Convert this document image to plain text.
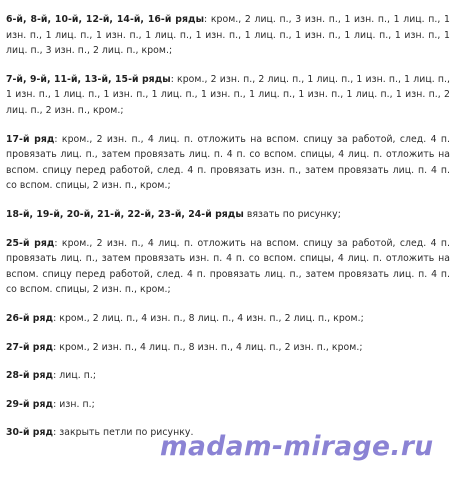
6-й, 8-й, 10-й, 12-й, 14-й, 16-й ряды: кром., 2 лиц. п., 3 изн. п., 1 изн. п., 1 лиц. п., 1 изн. п., 1 лиц. п., 1 изн. п., 1 лиц. п., 1 изн. п., 1 лиц. п., 1 изн. п., 1 лиц. п., 1 изн. п., 1 лиц. п., 3 изн. п., 2 лиц. п., кром.;

7-й, 9-й, 11-й, 13-й, 15-й ряды: кром., 2 изн. п., 2 лиц. п., 1 лиц. п., 1 изн. п., 1 лиц. п., 1 изн. п., 1 лиц. п., 1 изн. п., 1 лиц. п., 1 изн. п., 1 лиц. п., 1 изн. п., 1 лиц. п., 1 изн. п., 2 лиц. п., 2 изн. п., кром.;

17-й ряд: кром., 2 изн. п., 4 лиц. п. отложить на вспом. спицу за работой, след. 4 п. провязать лиц. п., затем провязать лиц. п. 4 п. со вспом. спицы, 4 лиц. п. отложить на вспом. спицу перед работой, след. 4 п. провязать изн. п., затем провязать лиц. п. 4 п. со вспом. спицы, 2 изн. п., кром.;

18-й, 19-й, 20-й, 21-й, 22-й, 23-й, 24-й ряды вязать по рисунку;

25-й ряд: кром., 2 изн. п., 4 лиц. п. отложить на вспом. спицу за работой, след. 4 п. провязать лиц. п., затем провязать изн. п. 4 п. со вспом. спицы, 4 лиц. п. отложить на вспом. спицу перед работой, след. 4 п. провязать лиц. п., затем провязать лиц. п. 4 п. со вспом. спицы, 2 изн. п., кром.;

26-й ряд: кром., 2 лиц. п., 4 изн. п., 8 лиц. п., 4 изн. п., 2 лиц. п., кром.;

27-й ряд: кром., 2 изн. п., 4 лиц. п., 8 изн. п., 4 лиц. п., 2 изн. п., кром.;

28-й ряд: лиц. п.;

29-й ряд: изн. п.;

30-й ряд: закрыть петли по рисунку.

madam-mirage.ru
